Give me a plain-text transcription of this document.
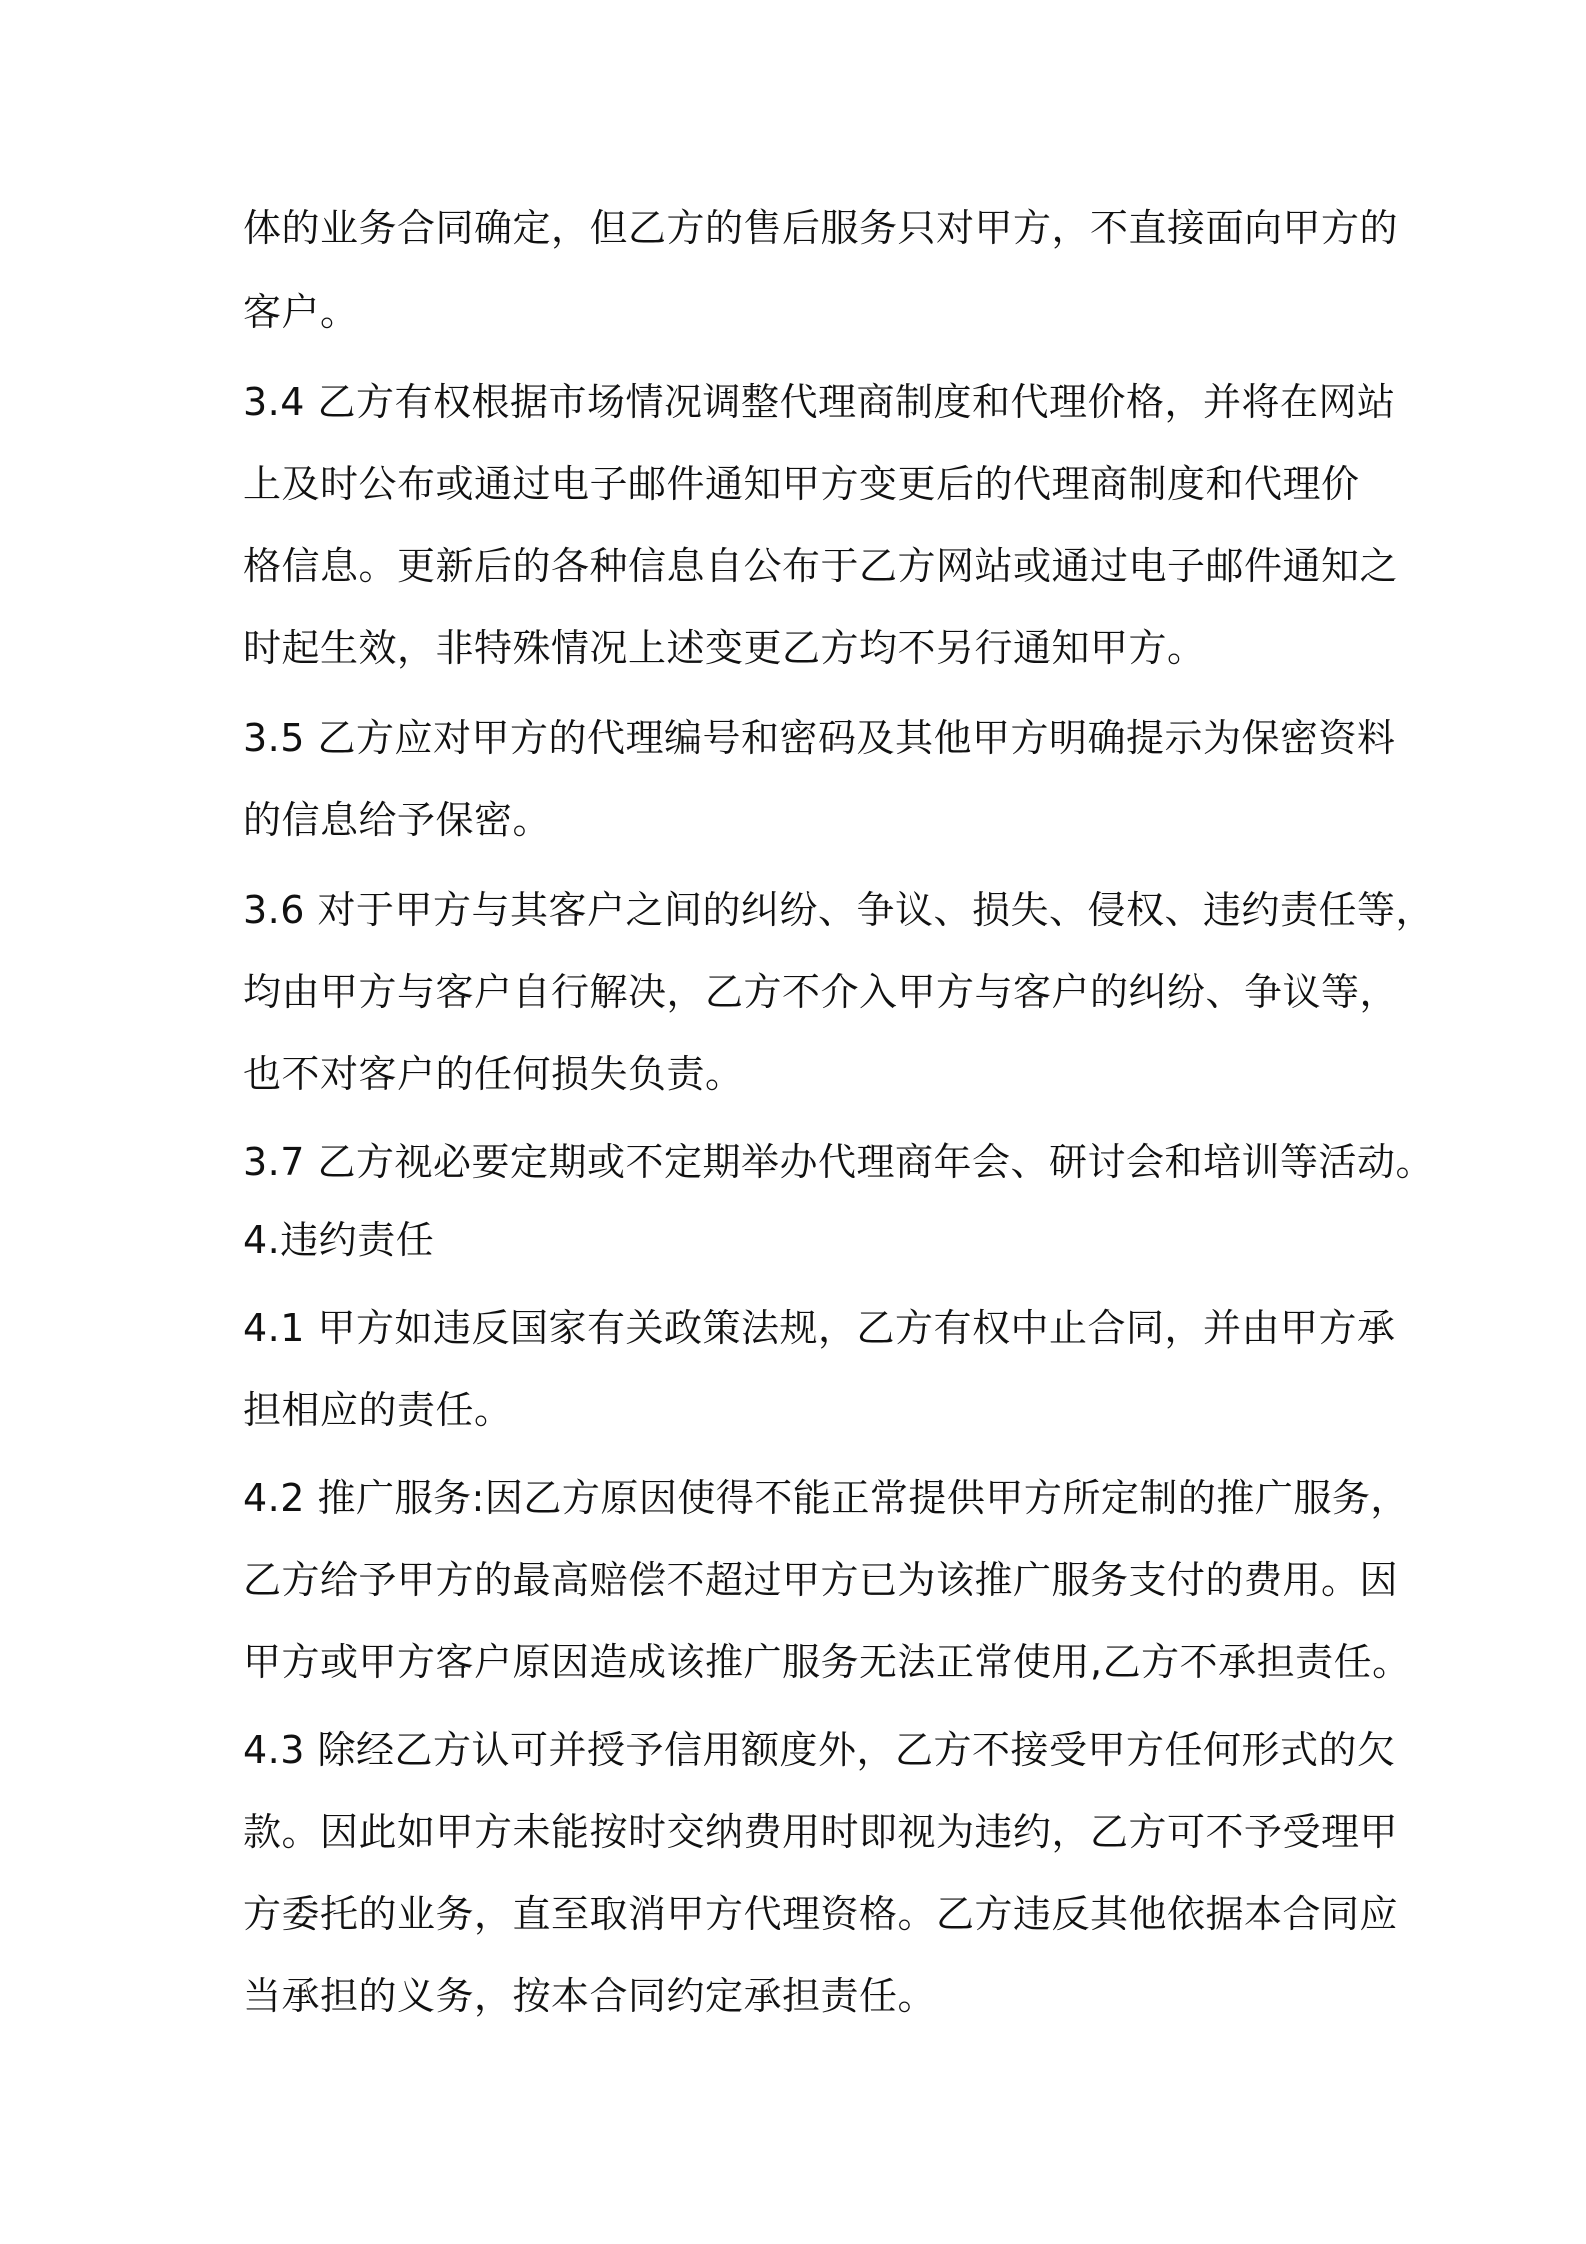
体的业务合同确定，但乙方的售后服务只对甲方，不直接面向甲方的

客户。

3.4 乙方有权根据市场情况调整代理商制度和代理价格，并将在网站

上及时公布或通过电子邮件通知甲方变更后的代理商制度和代理价

格信息。更新后的各种信息自公布于乙方网站或通过电子邮件通知之

时起生效，非特殊情况上述变更乙方均不另行通知甲方。

3.5 乙方应对甲方的代理编号和密码及其他甲方明确提示为保密资料

的信息给予保密。

3.6 对于甲方与其客户之间的纠纷、争议、损失、侵权、违约责任等，

均由甲方与客户自行解决，乙方不介入甲方与客户的纠纷、争议等，

也不对客户的任何损失负责。

3.7 乙方视必要定期或不定期举办代理商年会、研讨会和培训等活动。

4.违约责任

4.1 甲方如违反国家有关政策法规，乙方有权中止合同，并由甲方承

担相应的责任。

4.2 推广服务:因乙方原因使得不能正常提供甲方所定制的推广服务，

乙方给予甲方的最高赔偿不超过甲方已为该推广服务支付的费用。因

甲方或甲方客户原因造成该推广服务无法正常使用,乙方不承担责任。

4.3 除经乙方认可并授予信用额度外，乙方不接受甲方任何形式的欠

款。因此如甲方未能按时交纳费用时即视为违约，乙方可不予受理甲

方委托的业务，直至取消甲方代理资格。乙方违反其他依据本合同应

当承担的义务，按本合同约定承担责任。
